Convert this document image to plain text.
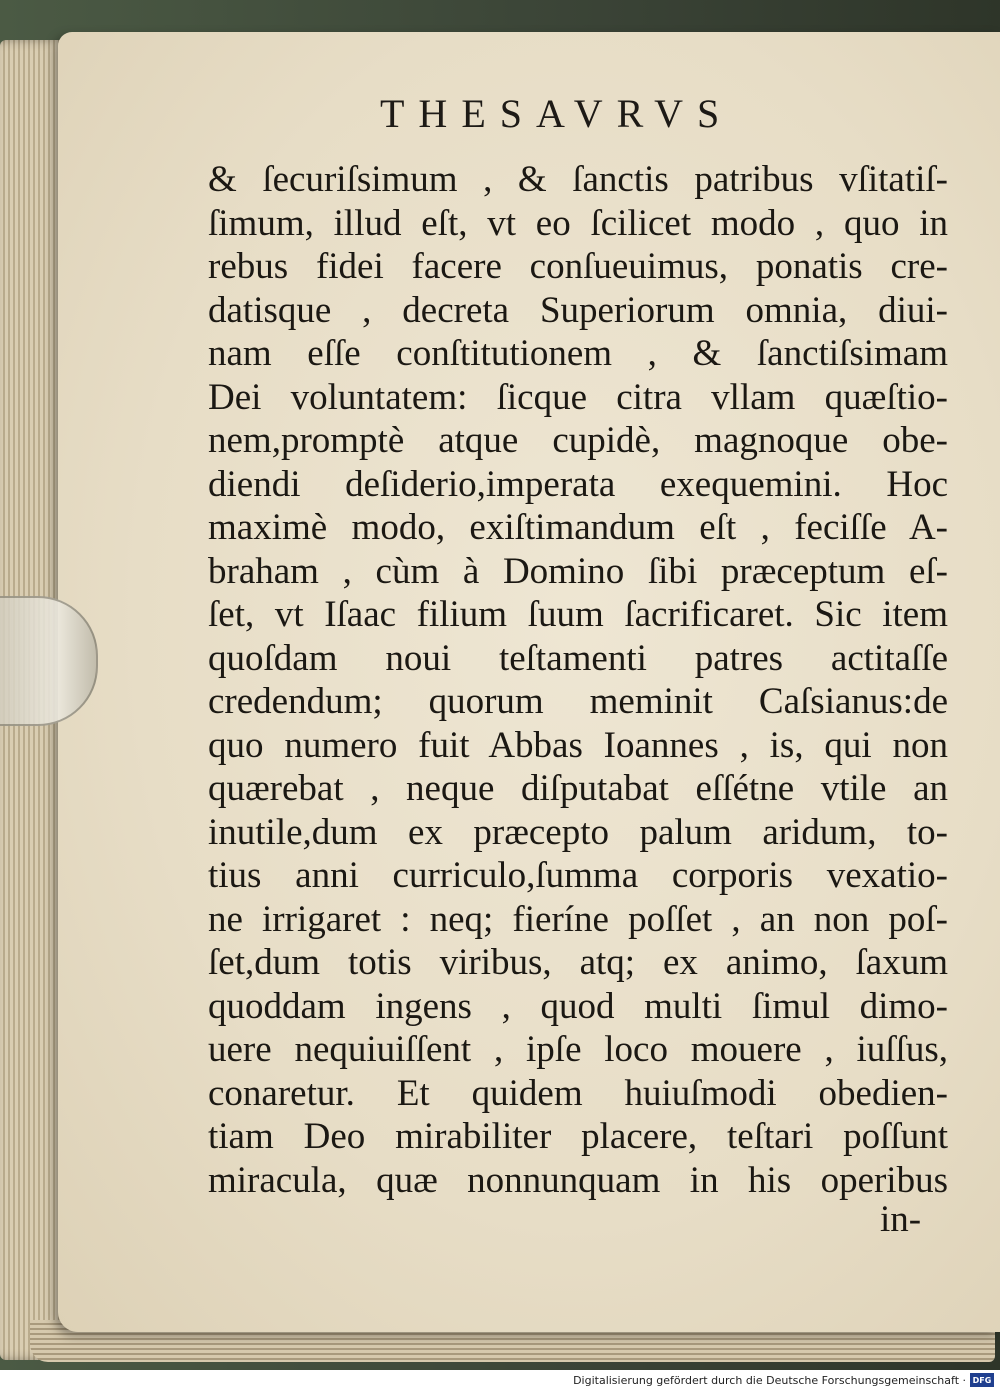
THESAVRVS
& ſecuriſsimum , & ſanctis patribus vſitatiſ-
ſimum, illud eſt, vt eo ſcilicet modo , quo in
rebus fidei facere conſueuimus, ponatis cre-
datisque , decreta Superiorum omnia, diui-
nam eſſe conſtitutionem , & ſanctiſsimam
Dei voluntatem: ſicque citra vllam quæſtio-
nem,promptè atque cupidè, magnoque obe-
diendi deſiderio,imperata exequemini. Hoc
maximè modo, exiſtimandum eſt , feciſſe A-
braham , cùm à Domino ſibi præceptum eſ-
ſet, vt Iſaac filium ſuum ſacrificaret. Sic item
quoſdam noui teſtamenti patres actitaſſe
credendum; quorum meminit Caſsianus:de
quo numero fuit Abbas Ioannes , is, qui non
quærebat , neque diſputabat eſſétne vtile an
inutile,dum ex præcepto palum aridum, to-
tius anni curriculo,ſumma corporis vexatio-
ne irrigaret : neq; fieríne poſſet , an non poſ-
ſet,dum totis viribus, atq; ex animo, ſaxum
quoddam ingens , quod multi ſimul dimo-
uere nequiuiſſent , ipſe loco mouere , iuſſus,
conaretur. Et quidem huiuſmodi obedien-
tiam Deo mirabiliter placere, teſtari poſſunt
miracula, quæ nonnunquam in his operibus
in-
Digitalisierung gefördert durch die Deutsche Forschungsgemeinschaft · DFG
